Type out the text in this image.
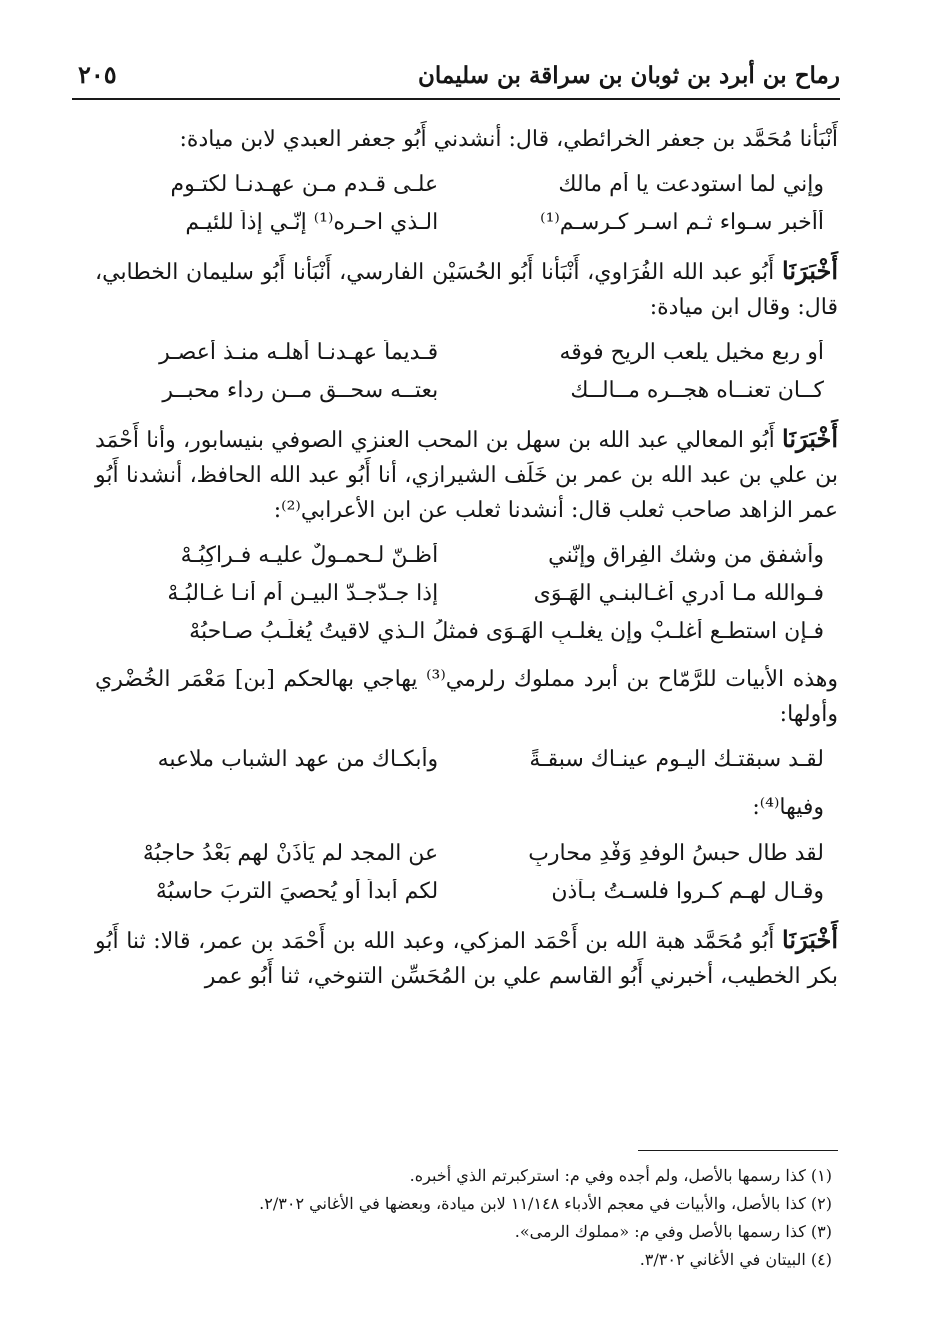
رماح بن أبرد بن ثوبان بن سراقة بن سليمان
٢٠٥
أَنْبَأنا مُحَمَّد بن جعفر الخرائطي، قال: أنشدني أَبُو جعفر العبدي لابن ميادة:
وإني لما استودعت يا أم مالك
علـى قـدمٍ مـن عهـدنـا لكتـوم
أأخبر سـواء ثـم اسـر كـرسـم⁽¹⁾
الـذي احـره⁽¹⁾ إنّـي إذاً للئيـم
أَخْبَرَنَا أَبُو عبد الله الفُرَاوي، أَنْبَأنا أَبُو الحُسَيْن الفارسي، أَنْبَأنا أَبُو سليمان الخطابي، قال: وقال ابن ميادة:
أو ربع مخيل يلعب الريح فوقه
قـديماً عهـدنـا أهلـه منـذ أعصـر
كــان تعنــاه هجــره مــالــك
بعتــه سحــق مــن رداء محبــر
أَخْبَرَنَا أَبُو المعالي عبد الله بن سهل بن المحب العنزي الصوفي بنيسابور، وأنا أَحْمَد بن علي بن عبد الله بن عمر بن خَلَف الشيرازي، أنا أَبُو عبد الله الحافظ، أنشدنا أَبُو عمر الزاهد صاحب ثعلب قال: أنشدنا ثعلب عن ابن الأعرابي⁽²⁾:
وأُشفق من وشك الفِراق وإنّني
أظـنّ لـحمـولٌ عليـه فـراكِبُـهْ
فـوالله مـا أدري أغـالبنـي الهَـوَى
إذا جـدّجـدّ البيـن أم أنـا غـالبُـهْ
فـإن استطـع أغلـبْ وإن يغلـبِ الهَـوَى فمثلُ الـذي لاقيتُ يُغلَـبُ صـاحبُهْ
وهذه الأبيات للرَّمّاح بن أبرد مملوك رلرمي⁽³⁾ يهاجي بهالحكم [بن] مَعْمَر الخُضْري وأولها:
لقـد سبقتـك اليـوم عينـاك سبقـةً
وأبكـاك من عهد الشباب ملاعبه
وفيها⁽⁴⁾:
لقد طال حبسُ الوفدِ وَفْدِ محاربٍ
عن المجد لم يَأْذَنْ لهم بَعْدُ حاجبُهْ
وقـال لهـم كـروا فلسـتُ بـآذن
لكم أبداً أو يُحصيَ التربَ حاسبُهْ
أَخْبَرَنَا أَبُو مُحَمَّد هبة الله بن أَحْمَد المزكي، وعبد الله بن أَحْمَد بن عمر، قالا: ثنا أَبُو بكر الخطيب، أخبرني أَبُو القاسم علي بن المُحَسِّن التنوخي، ثنا أَبُو عمر
(١) كذا رسمها بالأصل، ولم أجده وفي م: استركبرتم الذي أخبره.
(٢) كذا بالأصل، والأبيات في معجم الأدباء ١١/١٤٨ لابن ميادة، وبعضها في الأغاني ٢/٣٠٢.
(٣) كذا رسمها بالأصل وفي م: «مملوك الرمى».
(٤) البيتان في الأغاني ٣/٣٠٢.
